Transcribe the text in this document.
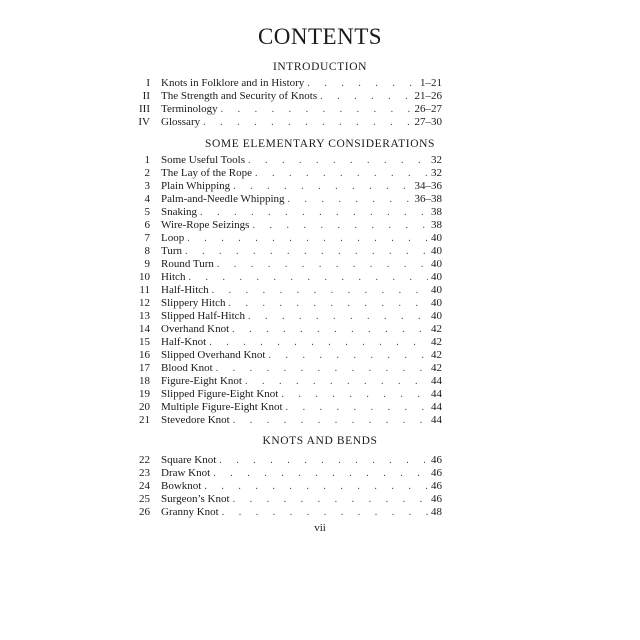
CONTENTS
INTRODUCTION
I Knots in Folklore and in History . . .	1–21
II The Strength and Security of Knots . . .	21–26
III Terminology . . .	26–27
IV Glossary . . .	27–30
SOME ELEMENTARY CONSIDERATIONS
1 Some Useful Tools . . .	32
2 The Lay of the Rope . . .	32
3 Plain Whipping . . .	34–36
4 Palm-and-Needle Whipping . . .	36–38
5 Snaking . . .	38
6 Wire-Rope Seizings . . .	38
7 Loop . . .	40
8 Turn . . .	40
9 Round Turn . . .	40
10 Hitch . . .	40
11 Half-Hitch . . .	40
12 Slippery Hitch . . .	40
13 Slipped Half-Hitch . . .	40
14 Overhand Knot . . .	42
15 Half-Knot . . .	42
16 Slipped Overhand Knot . . .	42
17 Blood Knot . . .	42
18 Figure-Eight Knot . . .	44
19 Slipped Figure-Eight Knot . . .	44
20 Multiple Figure-Eight Knot . . .	44
21 Stevedore Knot . . .	44
KNOTS AND BENDS
22 Square Knot . . .	46
23 Draw Knot . . .	46
24 Bowknot . . .	46
25 Surgeon’s Knot . . .	46
26 Granny Knot . . .	48
vii
